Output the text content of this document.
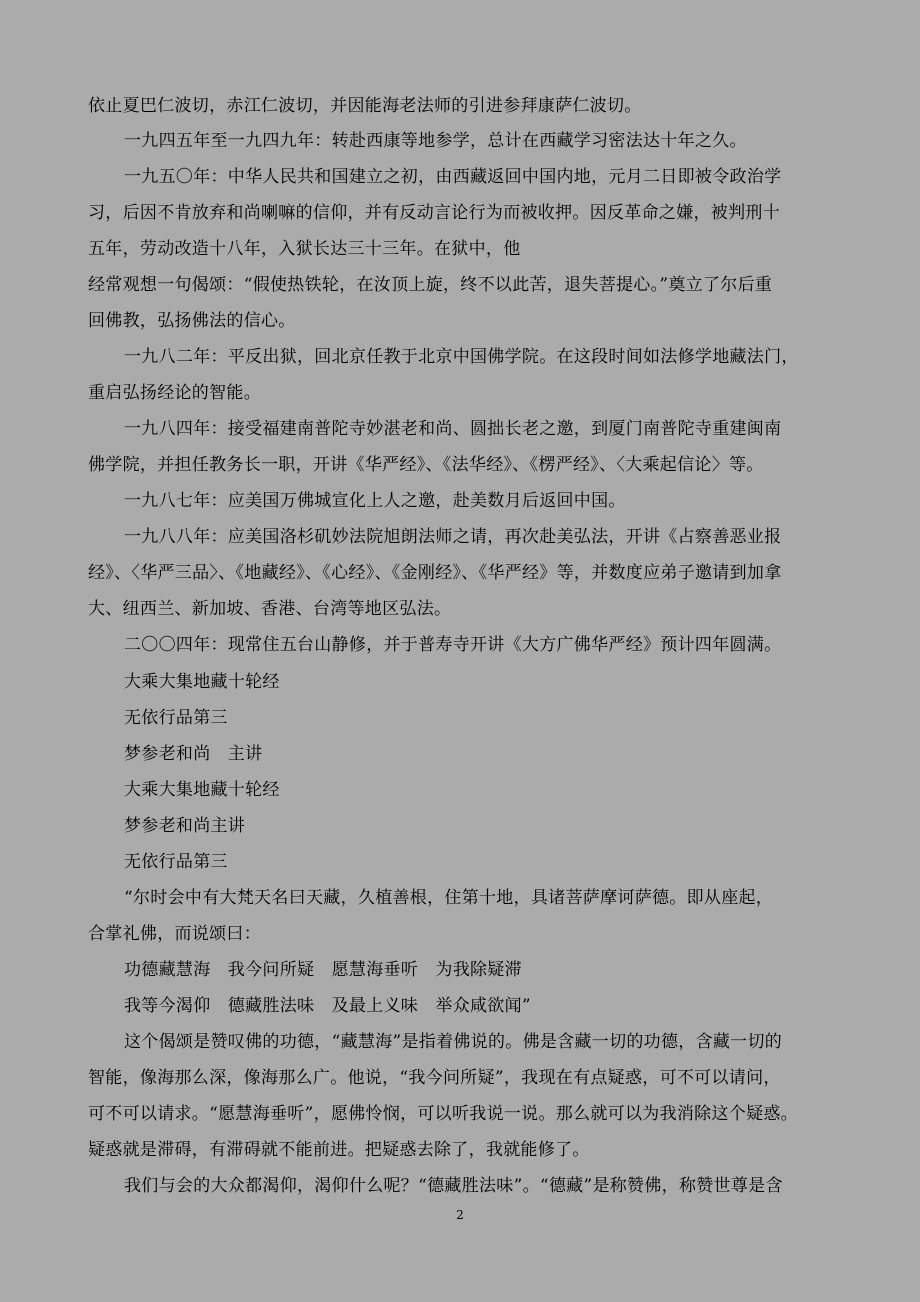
依止夏巴仁波切，赤江仁波切，并因能海老法师的引进参拜康萨仁波切。
一九四五年至一九四九年：转赴西康等地参学，总计在西藏学习密法达十年之久。
一九五〇年：中华人民共和国建立之初，由西藏返回中国内地，元月二日即被令政治学
习，后因不肯放弃和尚喇嘛的信仰，并有反动言论行为而被收押。因反革命之嫌，被判刑十
五年，劳动改造十八年，入狱长达三十三年。在狱中，他
经常观想一句偈颂：“假使热铁轮，在汝顶上旋，终不以此苦，退失菩提心。”奠立了尔后重
回佛教，弘扬佛法的信心。
一九八二年：平反出狱，回北京任教于北京中国佛学院。在这段时间如法修学地藏法门，
重启弘扬经论的智能。
一九八四年：接受福建南普陀寺妙湛老和尚、圆拙长老之邀，到厦门南普陀寺重建闽南
佛学院，并担任教务长一职，开讲《华严经》、《法华经》、《楞严经》、〈大乘起信论〉等。
一九八七年：应美国万佛城宣化上人之邀，赴美数月后返回中国。
一九八八年：应美国洛杉矶妙法院旭朗法师之请，再次赴美弘法，开讲《占察善恶业报
经》、〈华严三品〉、《地藏经》、《心经》、《金刚经》、《华严经》等，并数度应弟子邀请到加拿
大、纽西兰、新加坡、香港、台湾等地区弘法。
二〇〇四年：现常住五台山静修，并于普寿寺开讲《大方广佛华严经》预计四年圆满。
大乘大集地藏十轮经
无依行品第三
梦参老和尚　主讲
大乘大集地藏十轮经
梦参老和尚主讲
无依行品第三
“尔时会中有大梵天名曰天藏，久植善根，住第十地，具诸菩萨摩诃萨德。即从座起，
合掌礼佛，而说颂曰：
功德藏慧海　我今问所疑　愿慧海垂听　为我除疑滞
我等今渴仰　德藏胜法味　及最上义味　举众咸欲闻”
这个偈颂是赞叹佛的功德，“藏慧海”是指着佛说的。佛是含藏一切的功德，含藏一切的
智能，像海那么深，像海那么广。他说，“我今问所疑”，我现在有点疑惑，可不可以请问，
可不可以请求。“愿慧海垂听”，愿佛怜悯，可以听我说一说。那么就可以为我消除这个疑惑。
疑惑就是滞碍，有滞碍就不能前进。把疑惑去除了，我就能修了。
我们与会的大众都渴仰，渴仰什么呢？“德藏胜法味”。“德藏”是称赞佛，称赞世尊是含
2
